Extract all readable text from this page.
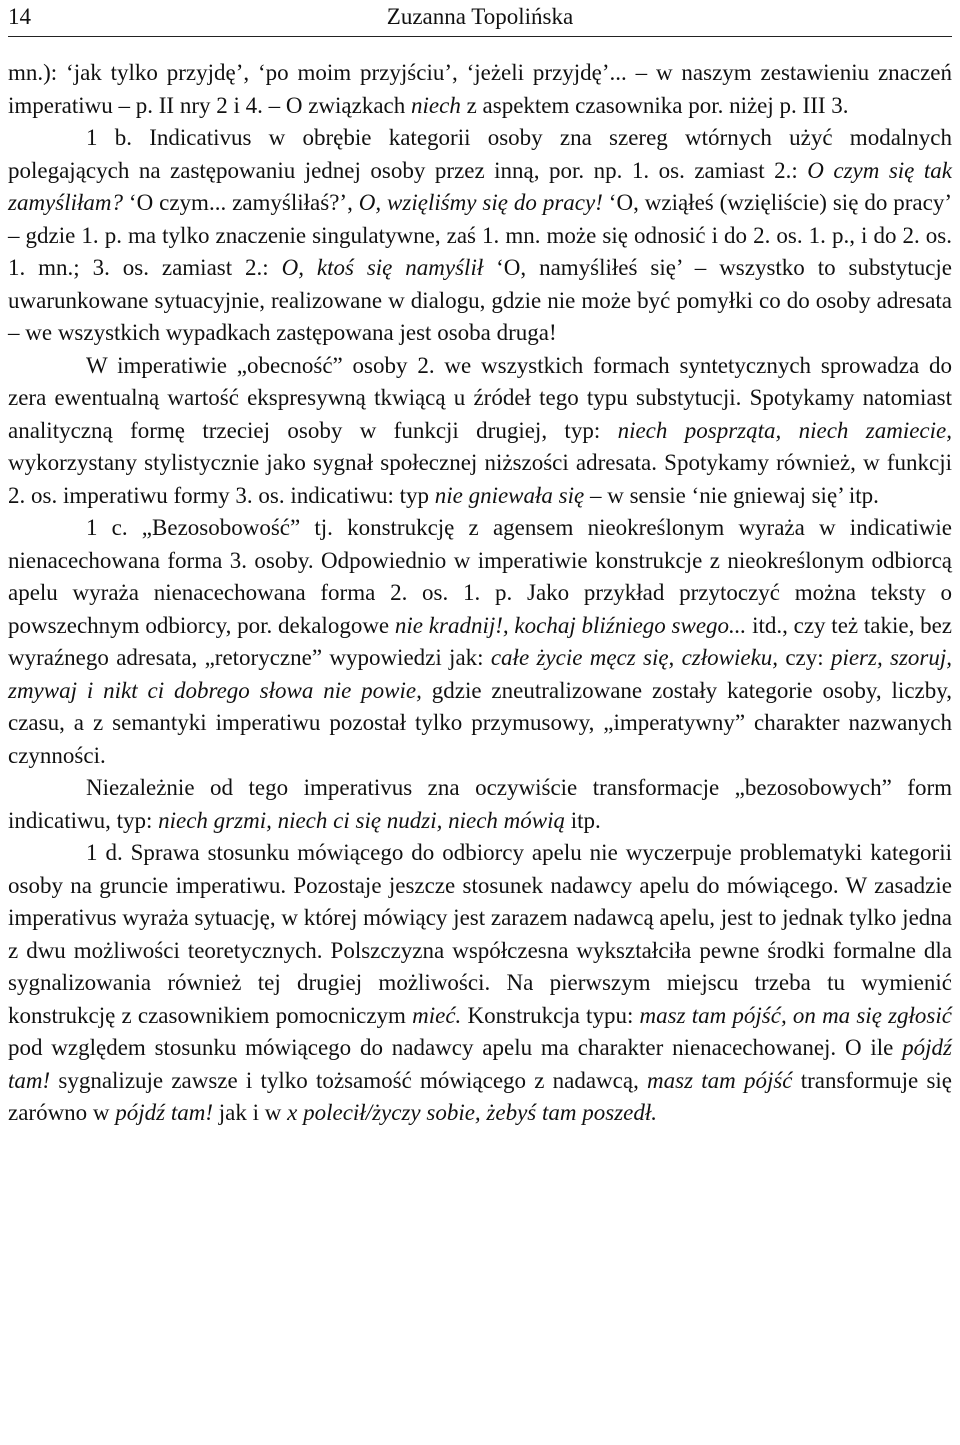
14	Zuzanna Topolińska

mn.): ‘jak tylko przyjdę’, ‘po moim przyjściu’, ‘jeżeli przyjdę’... – w naszym zestawieniu znaczeń imperatiwu – p. II nry 2 i 4. – O związkach niech z aspektem czasownika por. niżej p. III 3.

1 b. Indicativus w obrębie kategorii osoby zna szereg wtórnych użyć modalnych polegających na zastępowaniu jednej osoby przez inną, por. np. 1. os. zamiast 2.: O czym się tak zamyśliłam? ‘O czym... zamyśliłaś?’, O, wzięliśmy się do pracy! ‘O, wziąłeś (wzięliście) się do pracy’ – gdzie 1. p. ma tylko znaczenie singulatywne, zaś 1. mn. może się odnosić i do 2. os. 1. p., i do 2. os. 1. mn.; 3. os. zamiast 2.: O, ktoś się namyślił ‘O, namyśliłeś się’ – wszystko to substytucje uwarunkowane sytuacyjnie, realizowane w dialogu, gdzie nie może być pomyłki co do osoby adresata – we wszystkich wypadkach zastępowana jest osoba druga!

W imperatiwie „obecność” osoby 2. we wszystkich formach syntetycznych sprowadza do zera ewentualną wartość ekspresywną tkwiącą u źródeł tego typu substytucji. Spotykamy natomiast analityczną formę trzeciej osoby w funkcji drugiej, typ: niech posprząta, niech zamiecie, wykorzystany stylistycznie jako sygnał społecznej niższości adresata. Spotykamy również, w funkcji 2. os. imperatiwu formy 3. os. indicatiwu: typ nie gniewała się – w sensie ‘nie gniewaj się’ itp.

1 c. „Bezosobowość” tj. konstrukcję z agensem nieokreślonym wyraża w indicatiwie nienacechowana forma 3. osoby. Odpowiednio w imperatiwie konstrukcje z nieokreślonym odbiorcą apelu wyraża nienacechowana forma 2. os. 1. p. Jako przykład przytoczyć można teksty o powszechnym odbiorcy, por. dekalogowe nie kradnij!, kochaj bliźniego swego... itd., czy też takie, bez wyraźnego adresata, „retoryczne” wypowiedzi jak: całe życie męcz się, człowieku, czy: pierz, szoruj, zmywaj i nikt ci dobrego słowa nie powie, gdzie zneutralizowane zostały kategorie osoby, liczby, czasu, a z semantyki imperatiwu pozostał tylko przymusowy, „imperatywny” charakter nazwanych czynności.

Niezależnie od tego imperativus zna oczywiście transformacje „bezosobowych” form indicatiwu, typ: niech grzmi, niech ci się nudzi, niech mówią itp.

1 d. Sprawa stosunku mówiącego do odbiorcy apelu nie wyczerpuje problematyki kategorii osoby na gruncie imperatiwu. Pozostaje jeszcze stosunek nadawcy apelu do mówiącego. W zasadzie imperativus wyraża sytuację, w której mówiący jest zarazem nadawcą apelu, jest to jednak tylko jedna z dwu możliwości teoretycznych. Polszczyzna współczesna wykształciła pewne środki formalne dla sygnalizowania również tej drugiej możliwości. Na pierwszym miejscu trzeba tu wymienić konstrukcję z czasownikiem pomocniczym mieć. Konstrukcja typu: masz tam pójść, on ma się zgłosić pod względem stosunku mówiącego do nadawcy apelu ma charakter nienacechowanej. O ile pójdź tam! sygnalizuje zawsze i tylko tożsamość mówiącego z nadawcą, masz tam pójść transformuje się zarówno w pójdź tam! jak i w x polecił/życzy sobie, żebyś tam poszedł.
